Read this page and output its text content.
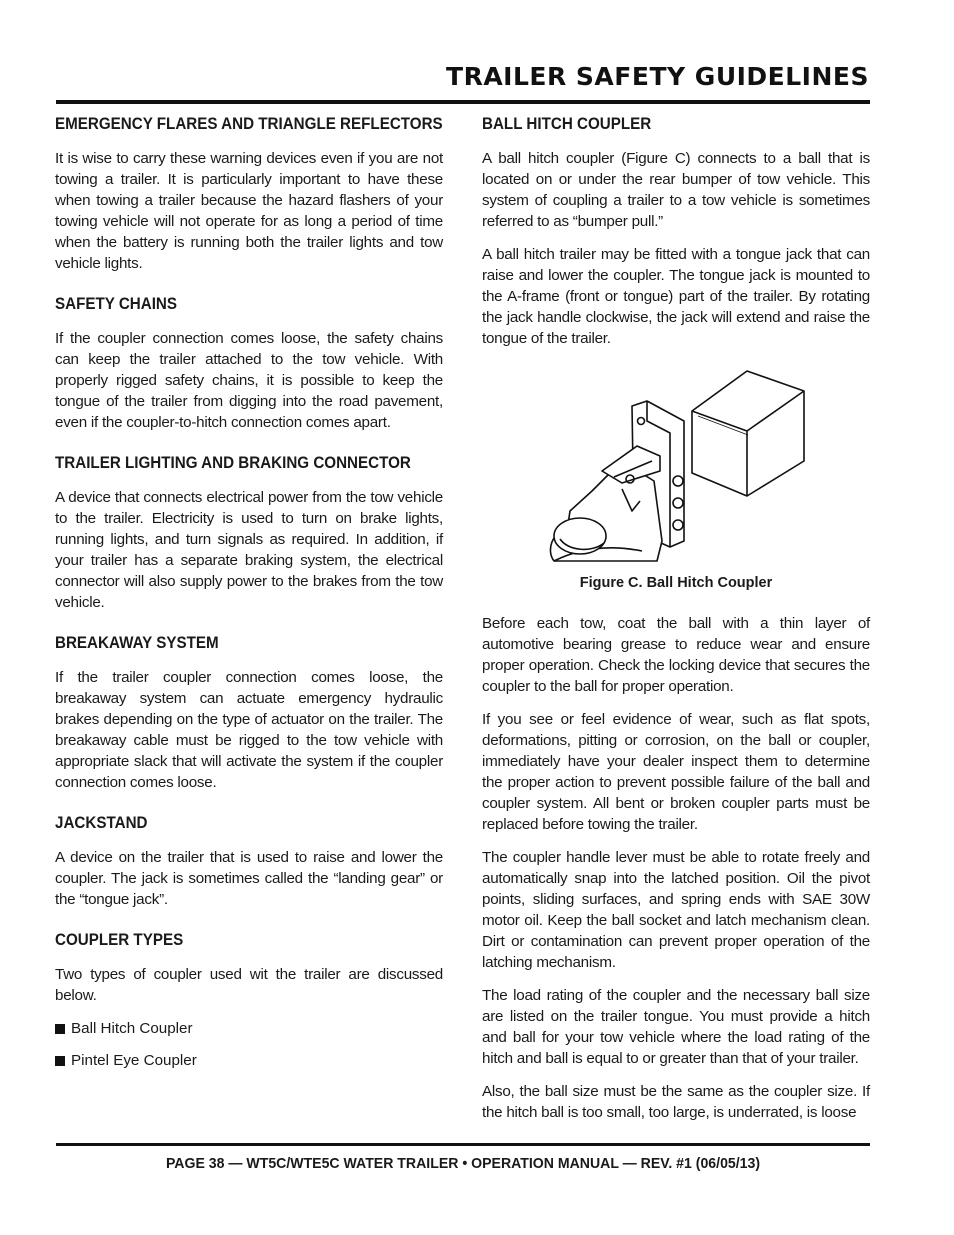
TRAILER SAFETY GUIDELINES
EMERGENCY FLARES AND TRIANGLE REFLECTORS

It is wise to carry these warning devices even if you are not towing a trailer. It is particularly important to have these when towing a trailer because the hazard flashers of your towing vehicle will not operate for as long a period of time when the battery is running both the trailer lights and tow vehicle lights.

SAFETY CHAINS

If the coupler connection comes loose, the safety chains can keep the trailer attached to the tow vehicle. With properly rigged safety chains, it is possible to keep the tongue of the trailer from digging into the road pavement, even if the coupler-to-hitch connection comes apart.

TRAILER LIGHTING AND BRAKING CONNECTOR

A device that connects electrical power from the tow vehicle to the trailer. Electricity is used to turn on brake lights, running lights, and turn signals as required. In addition, if your trailer has a separate braking system, the electrical connector will also supply power to the brakes from the tow vehicle.

BREAKAWAY SYSTEM

If the trailer coupler connection comes loose, the breakaway system can actuate emergency hydraulic brakes depending on the type of actuator on the trailer. The breakaway cable must be rigged to the tow vehicle with appropriate slack that will activate the system if the coupler connection comes loose.

JACKSTAND

A device on the trailer that is used to raise and lower the coupler. The jack is sometimes called the “landing gear” or the “tongue jack”.

COUPLER TYPES

Two types of coupler used wit the trailer are discussed below.

Ball Hitch Coupler
Pintel Eye Coupler
BALL HITCH COUPLER

A ball hitch coupler (Figure C) connects to a ball that is located on or under the rear bumper of tow vehicle. This system of coupling a trailer to a tow vehicle is sometimes referred to as “bumper pull.”

A ball hitch trailer may be fitted with a tongue jack that can raise and lower the coupler. The tongue jack is mounted to the A-frame (front or tongue) part of the trailer. By rotating the jack handle clockwise, the jack will extend and raise the tongue of the trailer.

Figure C. Ball Hitch Coupler

Before each tow, coat the ball with a thin layer of automotive bearing grease to reduce wear and ensure proper operation. Check the locking device that secures the coupler to the ball for proper operation.

If you see or feel evidence of wear, such as flat spots, deformations, pitting or corrosion, on the ball or coupler, immediately have your dealer inspect them to determine the proper action to prevent possible failure of the ball and coupler system. All bent or broken coupler parts must be replaced before towing the trailer.

The coupler handle lever must be able to rotate freely and automatically snap into the latched position. Oil the pivot points, sliding surfaces, and spring ends with SAE 30W motor oil. Keep the ball socket and latch mechanism clean. Dirt or contamination can prevent proper operation of the latching mechanism.

The load rating of the coupler and the necessary ball size are listed on the trailer tongue. You must provide a hitch and ball for your tow vehicle where the load rating of the hitch and ball is equal to or greater than that of your trailer.

Also, the ball size must be the same as the coupler size. If the hitch ball is too small, too large, is underrated, is loose

PAGE 38 — WT5C/WTE5C WATER TRAILER • OPERATION MANUAL — REV. #1 (06/05/13)
